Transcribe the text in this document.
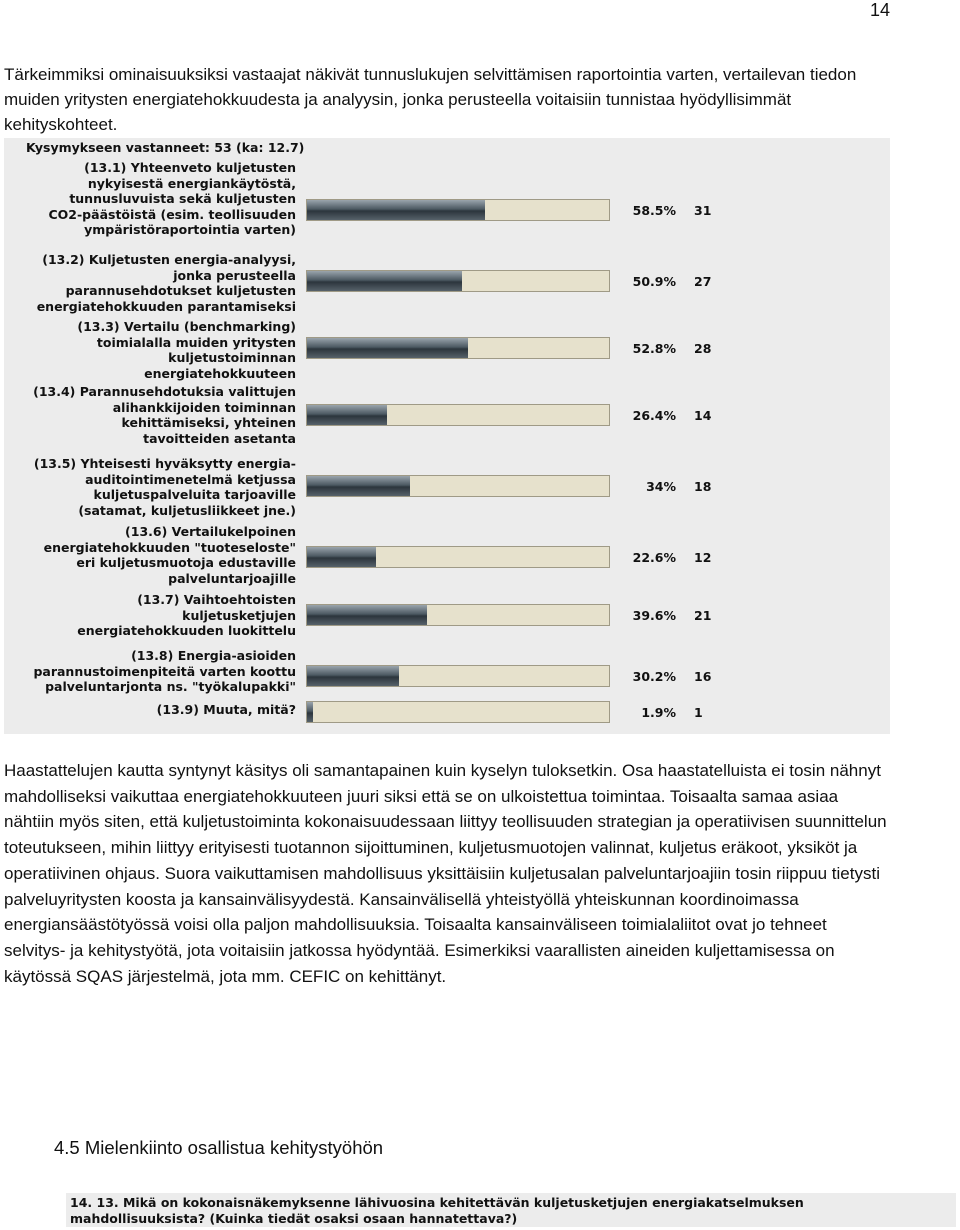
14
Tärkeimmiksi ominaisuuksiksi vastaajat näkivät tunnuslukujen selvittämisen raportointia varten, vertailevan tiedon muiden yritysten energiatehokkuudesta ja analyysin, jonka perusteella voitaisiin tunnistaa hyödyllisimmät kehityskohteet.
Kysymykseen vastanneet: 53 (ka: 12.7)
(13.1) Yhteenveto kuljetusten
nykyisestä energiankäytöstä,
tunnusluvuista sekä kuljetusten
CO2-päästöistä (esim. teollisuuden
ympäristöraportointia varten)
58.5% 31
(13.2) Kuljetusten energia-analyysi,
jonka perusteella
parannusehdotukset kuljetusten
energiatehokkuuden parantamiseksi
50.9% 27
(13.3) Vertailu (benchmarking)
toimialalla muiden yritysten
kuljetustoiminnan
energiatehokkuuteen
52.8% 28
(13.4) Parannusehdotuksia valittujen
alihankkijoiden toiminnan
kehittämiseksi, yhteinen
tavoitteiden asetanta
26.4% 14
(13.5) Yhteisesti hyväksytty energia-
auditointimenetelmä ketjussa
kuljetuspalveluita tarjoaville
(satamat, kuljetusliikkeet jne.)
34% 18
(13.6) Vertailukelpoinen
energiatehokkuuden "tuoteseloste"
eri kuljetusmuotoja edustaville
palveluntarjoajille
22.6% 12
(13.7) Vaihtoehtoisten
kuljetusketjujen
energiatehokkuuden luokittelu
39.6% 21
(13.8) Energia-asioiden
parannustoimenpiteitä varten koottu
palveluntarjonta ns. "työkalupakki"
30.2% 16
(13.9) Muuta, mitä?	1.9% 1

Haastattelujen kautta syntynyt käsitys oli samantapainen kuin kyselyn tuloksetkin. Osa haastatelluista ei tosin nähnyt mahdolliseksi vaikuttaa energiatehokkuuteen juuri siksi että se on ulkoistettua toimintaa. Toisaalta samaa asiaa nähtiin myös siten, että kuljetustoiminta kokonaisuudessaan liittyy teollisuuden strategian ja operatiivisen suunnittelun toteutukseen, mihin liittyy erityisesti tuotannon sijoittuminen, kuljetusmuotojen valinnat, kuljetus eräkoot, yksiköt ja operatiivinen ohjaus. Suora vaikuttamisen mahdollisuus yksittäisiin kuljetusalan palveluntarjoajiin tosin riippuu tietysti palveluyritysten koosta ja kansainvälisyydestä. Kansainvälisellä yhteistyöllä yhteiskunnan koordinoimassa energiansäästötyössä voisi olla paljon mahdollisuuksia. Toisaalta kansainväliseen toimialaliitot ovat jo tehneet selvitys- ja kehitystyötä, jota voitaisiin jatkossa hyödyntää. Esimerkiksi vaarallisten aineiden kuljettamisessa on käytössä SQAS järjestelmä, jota mm. CEFIC on kehittänyt.

4.5 Mielenkiinto osallistua kehitystyöhön
14. 13. Mikä on kokonaisnäkemyksenne lähivuosina kehitettävän kuljetusketjujen energiakatselmuksen
mahdollisuuksista? (Kuinka tiedät osaksi osaan hannatettava?)
